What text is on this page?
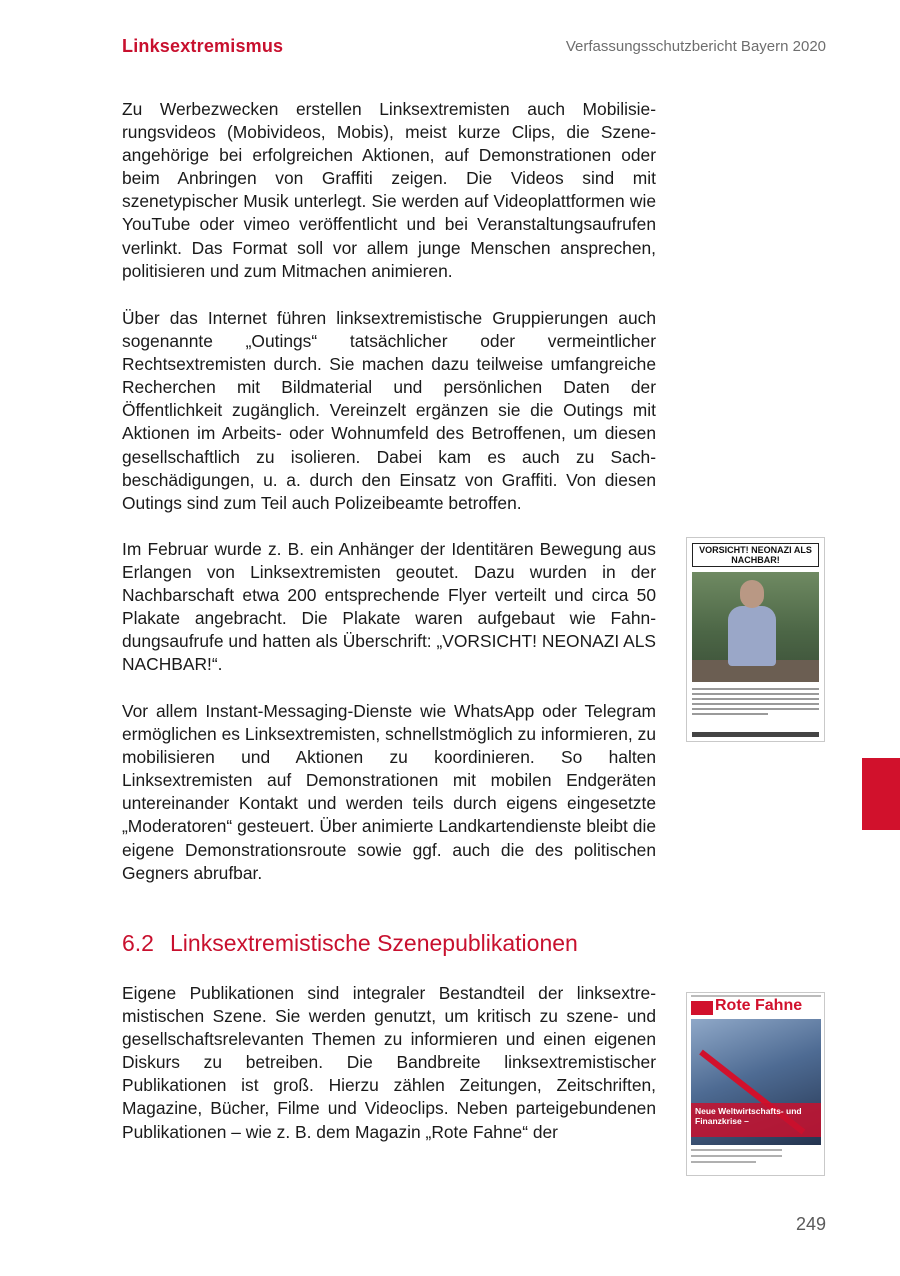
Linksextremismus	Verfassungsschutzbericht Bayern 2020

Zu Werbezwecken erstellen Linksextremisten auch Mobilisierungsvideos (Mobivideos, Mobis), meist kurze Clips, die Szeneangehörige bei erfolgreichen Aktionen, auf Demonstrationen oder beim Anbringen von Graffiti zeigen. Die Videos sind mit szenetypischer Musik unterlegt. Sie werden auf Videoplattformen wie YouTube oder vimeo veröffentlicht und bei Veranstaltungsaufrufen verlinkt. Das Format soll vor allem junge Menschen ansprechen, politisieren und zum Mitmachen animieren.

Über das Internet führen linksextremistische Gruppierungen auch sogenannte „Outings“ tatsächlicher oder vermeintlicher Rechtsextremisten durch. Sie machen dazu teilweise umfangreiche Recherchen mit Bildmaterial und persönlichen Daten der Öffentlichkeit zugänglich. Vereinzelt ergänzen sie die Outings mit Aktionen im Arbeits- oder Wohnumfeld des Betroffenen, um diesen gesellschaftlich zu isolieren. Dabei kam es auch zu Sachbeschädigungen, u. a. durch den Einsatz von Graffiti. Von diesen Outings sind zum Teil auch Polizeibeamte betroffen.

Im Februar wurde z. B. ein Anhänger der Identitären Bewegung aus Erlangen von Linksextremisten geoutet. Dazu wurden in der Nachbarschaft etwa 200 entsprechende Flyer verteilt und circa 50 Plakate angebracht. Die Plakate waren aufgebaut wie Fahndungsaufrufe und hatten als Überschrift: „VORSICHT! NEONAZI ALS NACHBAR!“.

Vor allem Instant-Messaging-Dienste wie WhatsApp oder Telegram ermöglichen es Linksextremisten, schnellstmöglich zu informieren, zu mobilisieren und Aktionen zu koordinieren. So halten Linksextremisten auf Demonstrationen mit mobilen Endgeräten untereinander Kontakt und werden teils durch eigens eingesetzte „Moderatoren“ gesteuert. Über animierte Landkartendienste bleibt die eigene Demonstrationsroute sowie ggf. auch die des politischen Gegners abrufbar.

6.2 Linksextremistische Szenepublikationen

Eigene Publikationen sind integraler Bestandteil der linksextremistischen Szene. Sie werden genutzt, um kritisch zu szene- und gesellschaftsrelevanten Themen zu informieren und einen eigenen Diskurs zu betreiben. Die Bandbreite linksextremistischer Publikationen ist groß. Hierzu zählen Zeitungen, Zeitschriften, Magazine, Bücher, Filme und Videoclips. Neben parteigebundenen Publikationen – wie z. B. dem Magazin „Rote Fahne“ der

VORSICHT! NEONAZI ALS NACHBAR!
Rote Fahne
Neue Weltwirtschafts- und Finanzkrise –
249
